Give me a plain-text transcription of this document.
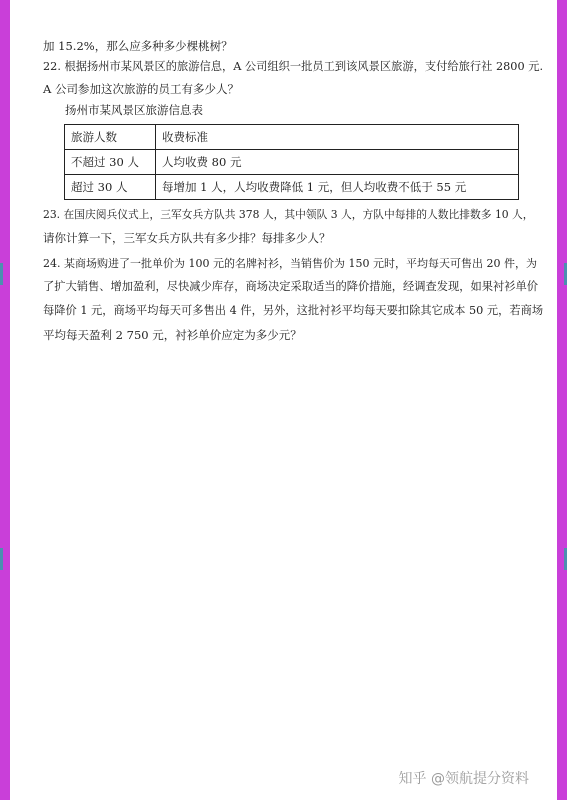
加 15.2%，那么应多种多少棵桃树？
22. 根据扬州市某风景区的旅游信息，A 公司组织一批员工到该风景区旅游，支付给旅行社 2800 元.
A 公司参加这次旅游的员工有多少人？
扬州市某风景区旅游信息表
旅游人数	收费标准
不超过 30 人	人均收费 80 元
超过 30 人	每增加 1 人，人均收费降低 1 元，但人均收费不低于 55 元
23. 在国庆阅兵仪式上，三军女兵方队共 378 人，其中领队 3 人，方队中每排的人数比排数多 10 人，
请你计算一下，三军女兵方队共有多少排？每排多少人？
24. 某商场购进了一批单价为 100 元的名牌衬衫，当销售价为 150 元时，平均每天可售出 20 件，为
了扩大销售、增加盈利，尽快减少库存，商场决定采取适当的降价措施，经调查发现，如果衬衫单价
每降价 1 元，商场平均每天可多售出 4 件，另外，这批衬衫平均每天要扣除其它成本 50 元，若商场
平均每天盈利 2 750 元，衬衫单价应定为多少元？
知乎 @领航提分资料
